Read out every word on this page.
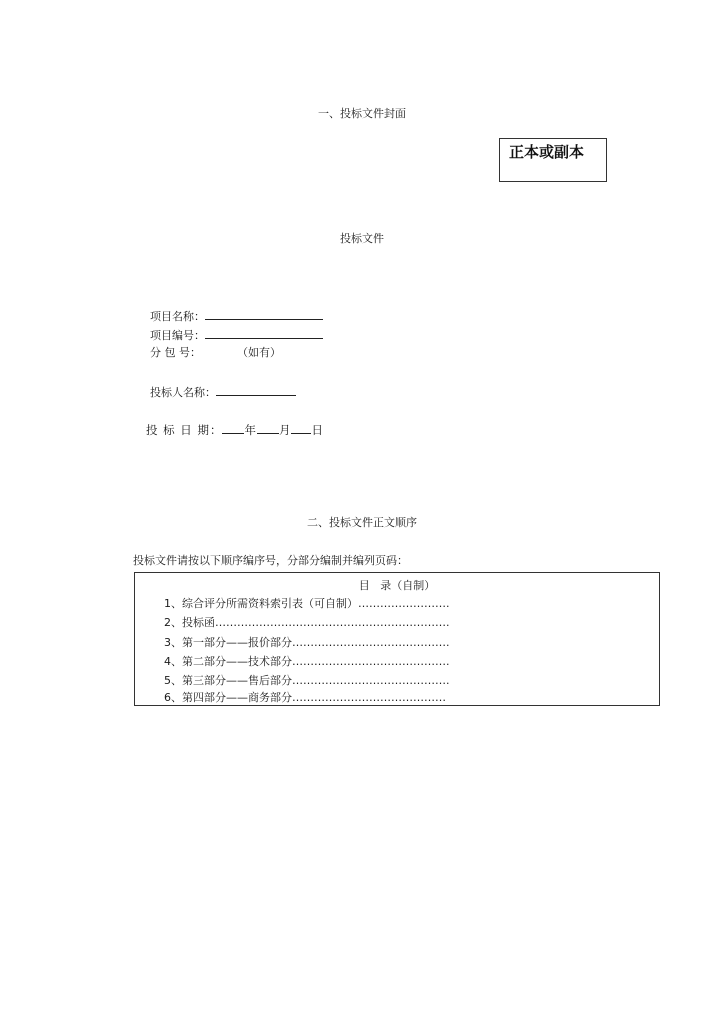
一、投标文件封面
正本或副本
投标文件
项目名称：
项目编号：
分 包 号：	（如有）
投标人名称：
投 标 日 期： 年 月 日
二、投标文件正文顺序
投标文件请按以下顺序编序号，分部分编制并编列页码：
目   录（自制）
1、综合评分所需资料索引表（可自制）…………………….
2、投标函……………………………………………………….
3、第一部分——报价部分…………………………………….
4、第二部分——技术部分…………………………………….
5、第三部分——售后部分…………………………………….
6、第四部分——商务部分……………………………………
